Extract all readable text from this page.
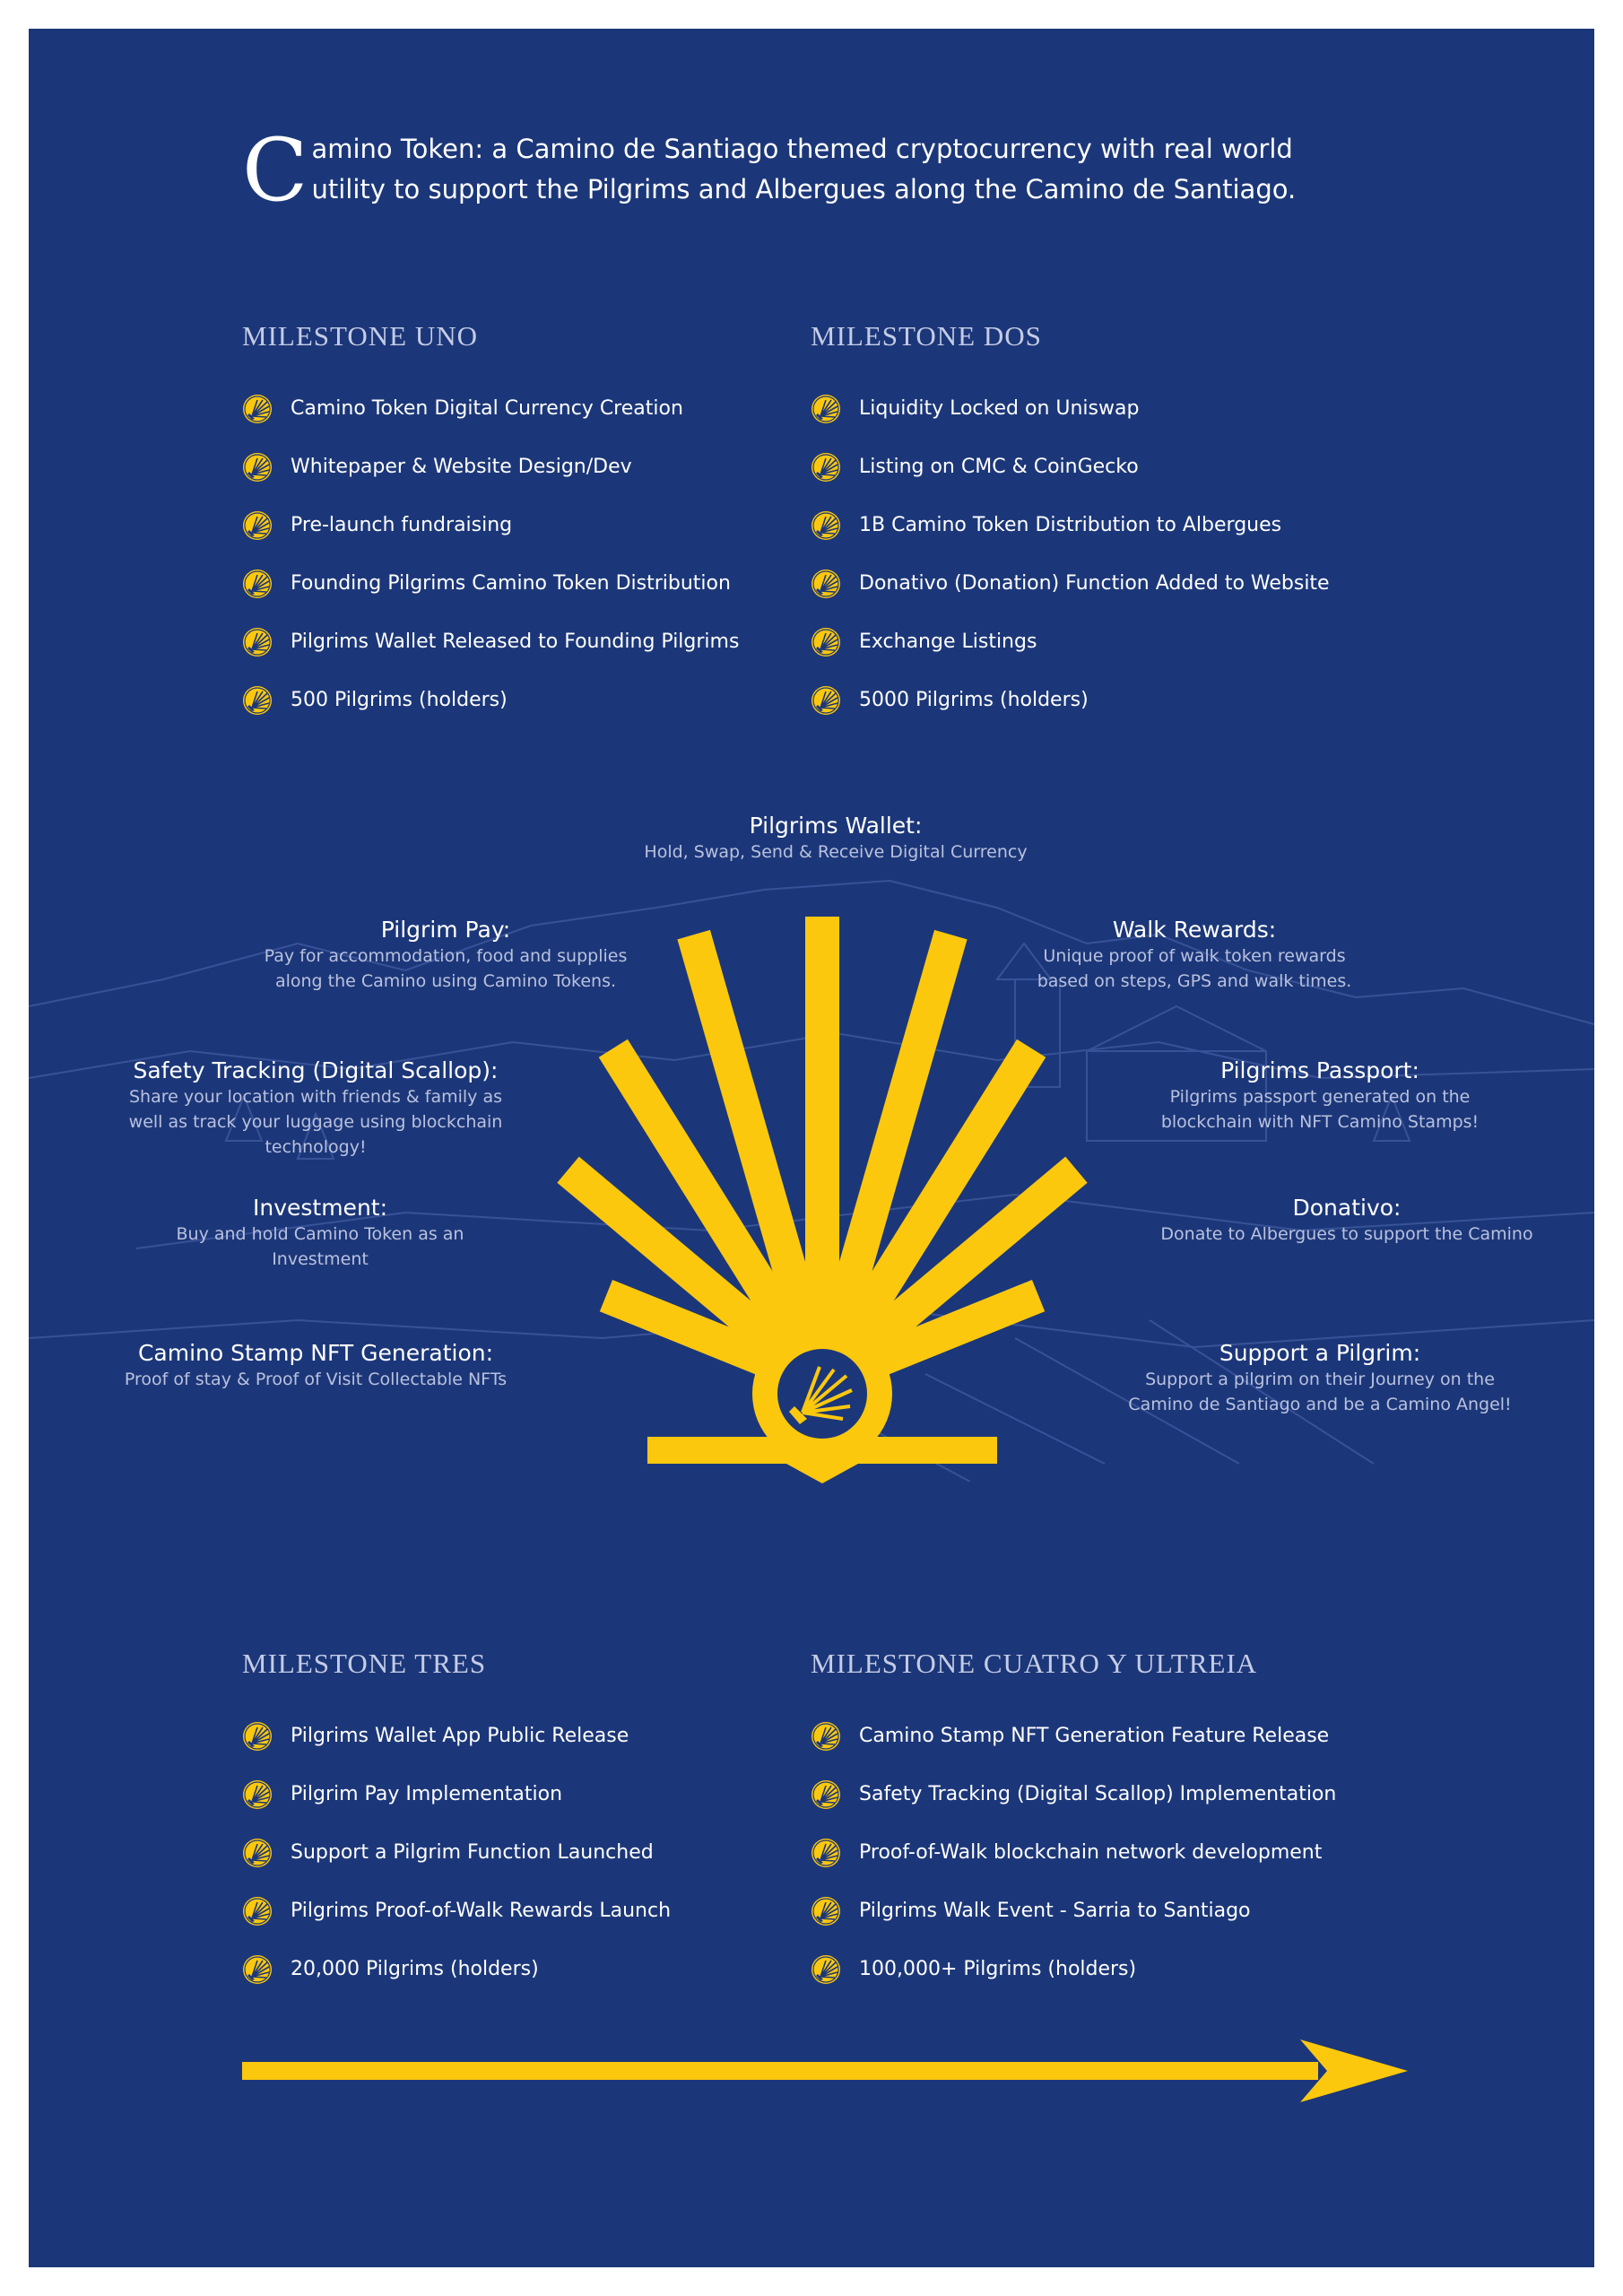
C amino Token: a Camino de Santiago themed cryptocurrency with real world
utility to support the Pilgrims and Albergues along the Camino de Santiago.
MILESTONE UNO
Camino Token Digital Currency Creation
Whitepaper & Website Design/Dev
Pre-launch fundraising
Founding Pilgrims Camino Token Distribution
Pilgrims Wallet Released to Founding Pilgrims
500 Pilgrims (holders)
MILESTONE DOS
Liquidity Locked on Uniswap
Listing on CMC & CoinGecko
1B Camino Token Distribution to Albergues
Donativo (Donation) Function Added to Website
Exchange Listings
5000 Pilgrims (holders)
Pilgrims Wallet:
Hold, Swap, Send & Receive Digital Currency
Pilgrim Pay:
Pay for accommodation, food and supplies
along the Camino using Camino Tokens.
Safety Tracking (Digital Scallop):
Share your location with friends & family as
well as track your luggage using blockchain
technology!
Investment:
Buy and hold Camino Token as an
Investment
Camino Stamp NFT Generation:
Proof of stay & Proof of Visit Collectable NFTs
Walk Rewards:
Unique proof of walk token rewards
based on steps, GPS and walk times.
Pilgrims Passport:
Pilgrims passport generated on the
blockchain with NFT Camino Stamps!
Donativo:
Donate to Albergues to support the Camino
Support a Pilgrim:
Support a pilgrim on their Journey on the
Camino de Santiago and be a Camino Angel!
MILESTONE TRES
Pilgrims Wallet App Public Release
Pilgrim Pay Implementation
Support a Pilgrim Function Launched
Pilgrims Proof-of-Walk Rewards Launch
20,000 Pilgrims (holders)
MILESTONE CUATRO Y ULTREIA
Camino Stamp NFT Generation Feature Release
Safety Tracking (Digital Scallop) Implementation
Proof-of-Walk blockchain network development
Pilgrims Walk Event - Sarria to Santiago
100,000+ Pilgrims (holders)
